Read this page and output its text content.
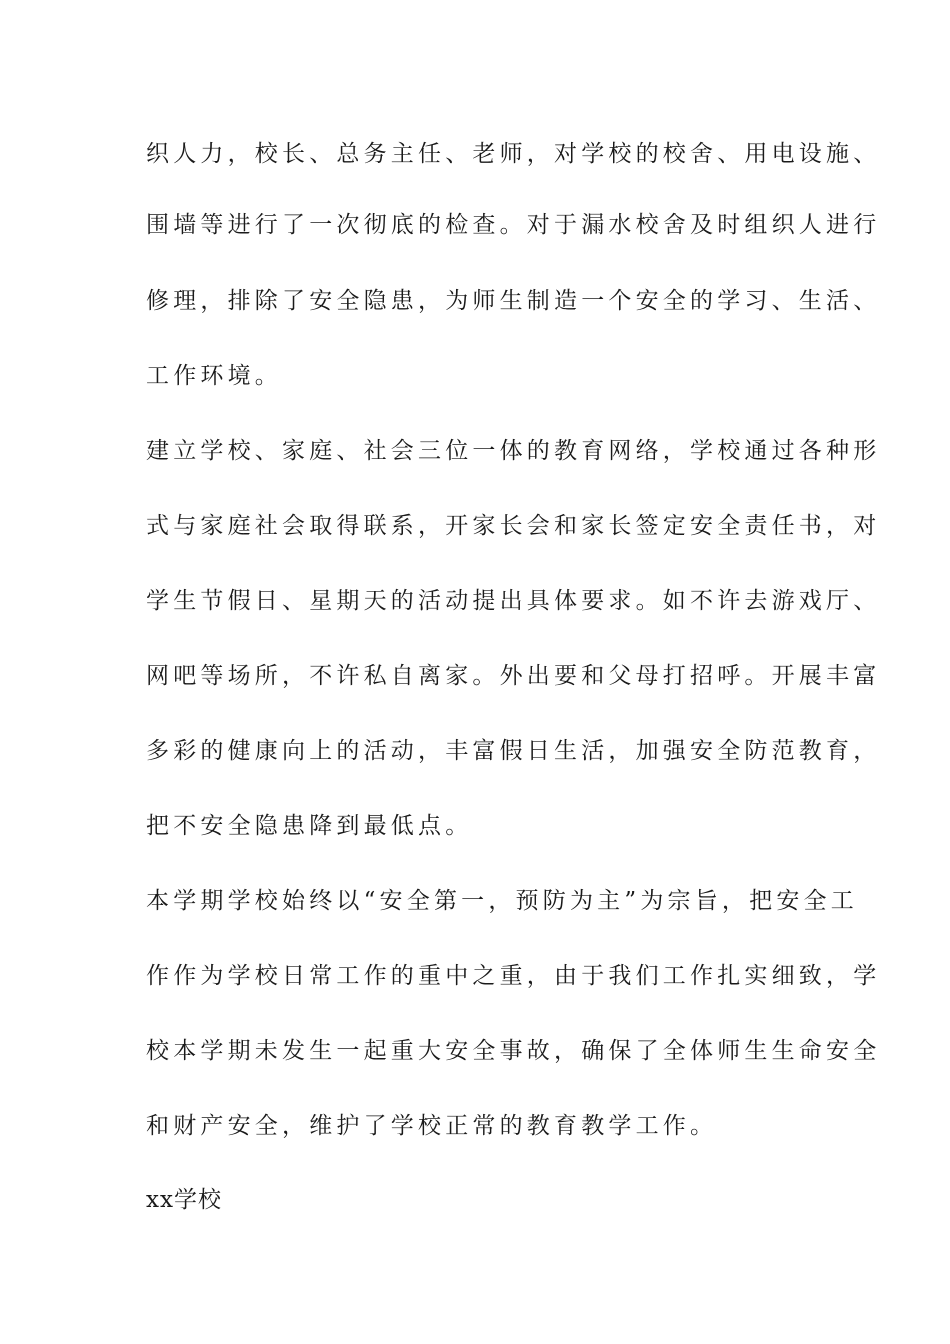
织人力，校长、总务主任、老师，对学校的校舍、用电设施、
围墙等进行了一次彻底的检查。对于漏水校舍及时组织人进行
修理，排除了安全隐患，为师生制造一个安全的学习、生活、
工作环境。
建立学校、家庭、社会三位一体的教育网络，学校通过各种形
式与家庭社会取得联系，开家长会和家长签定安全责任书，对
学生节假日、星期天的活动提出具体要求。如不许去游戏厅、
网吧等场所，不许私自离家。外出要和父母打招呼。开展丰富
多彩的健康向上的活动，丰富假日生活，加强安全防范教育，
把不安全隐患降到最低点。
本学期学校始终以“安全第一，预防为主”为宗旨，把安全工
作作为学校日常工作的重中之重，由于我们工作扎实细致，学
校本学期未发生一起重大安全事故，确保了全体师生生命安全
和财产安全，维护了学校正常的教育教学工作。
xx学校
